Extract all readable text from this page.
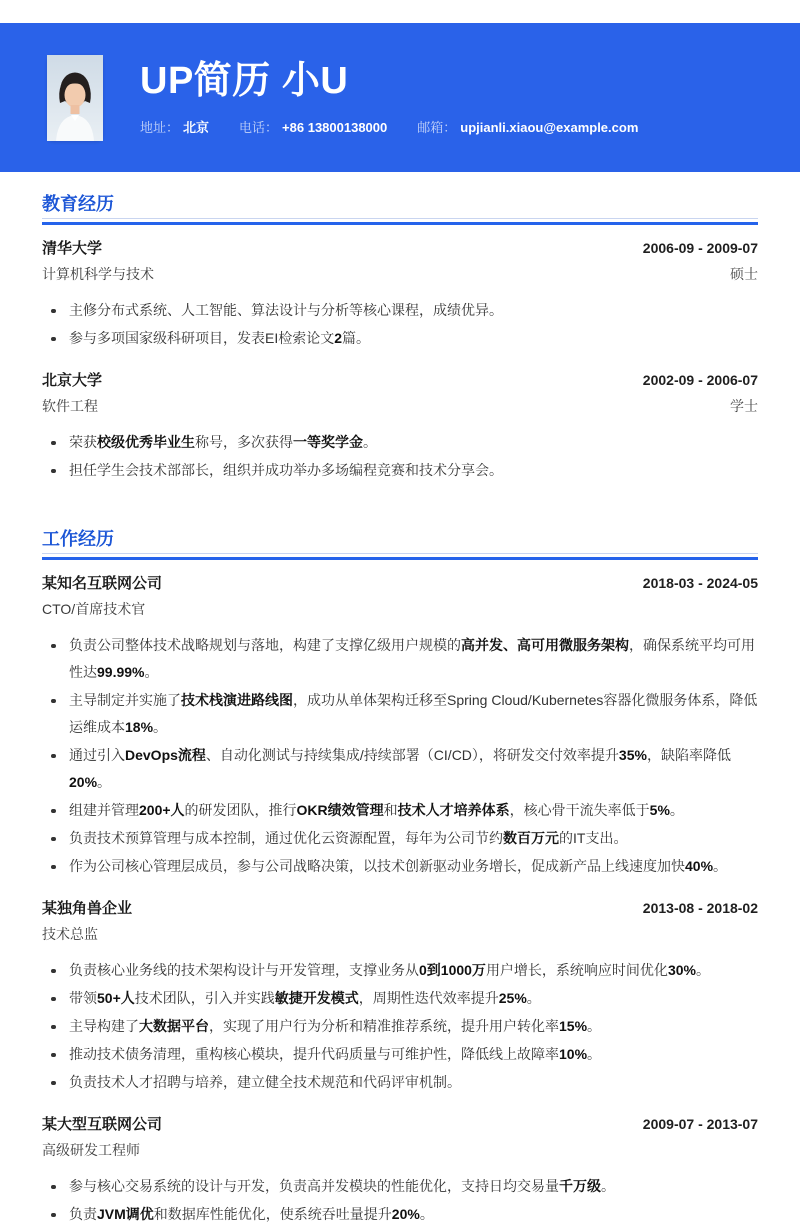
UP简历 小U
地址： 北京 电话： +86 13800138000 邮箱： upjianli.xiaou@example.com
教育经历
清华大学	2006-09 - 2009-07
计算机科学与技术	硕士
主修分布式系统、人工智能、算法设计与分析等核心课程，成绩优异。
参与多项国家级科研项目，发表EI检索论文2篇。
北京大学	2002-09 - 2006-07
软件工程	学士
荣获校级优秀毕业生称号，多次获得一等奖学金。
担任学生会技术部部长，组织并成功举办多场编程竞赛和技术分享会。
工作经历
某知名互联网公司	2018-03 - 2024-05
CTO/首席技术官
负责公司整体技术战略规划与落地，构建了支撑亿级用户规模的高并发、高可用微服务架构，确保系统平均可用性达99.99%。
主导制定并实施了技术栈演进路线图，成功从单体架构迁移至Spring Cloud/Kubernetes容器化微服务体系，降低运维成本18%。
通过引入DevOps流程、自动化测试与持续集成/持续部署（CI/CD），将研发交付效率提升35%，缺陷率降低20%。
组建并管理200+人的研发团队，推行OKR绩效管理和技术人才培养体系，核心骨干流失率低于5%。
负责技术预算管理与成本控制，通过优化云资源配置，每年为公司节约数百万元的IT支出。
作为公司核心管理层成员，参与公司战略决策，以技术创新驱动业务增长，促成新产品上线速度加快40%。
某独角兽企业	2013-08 - 2018-02
技术总监
负责核心业务线的技术架构设计与开发管理，支撑业务从0到1000万用户增长，系统响应时间优化30%。
带领50+人技术团队，引入并实践敏捷开发模式，周期性迭代效率提升25%。
主导构建了大数据平台，实现了用户行为分析和精准推荐系统，提升用户转化率15%。
推动技术债务清理，重构核心模块，提升代码质量与可维护性，降低线上故障率10%。
负责技术人才招聘与培养，建立健全技术规范和代码评审机制。
某大型互联网公司	2009-07 - 2013-07
高级研发工程师
参与核心交易系统的设计与开发，负责高并发模块的性能优化，支持日均交易量千万级。
负责JVM调优和数据库性能优化，使系统吞吐量提升20%。
